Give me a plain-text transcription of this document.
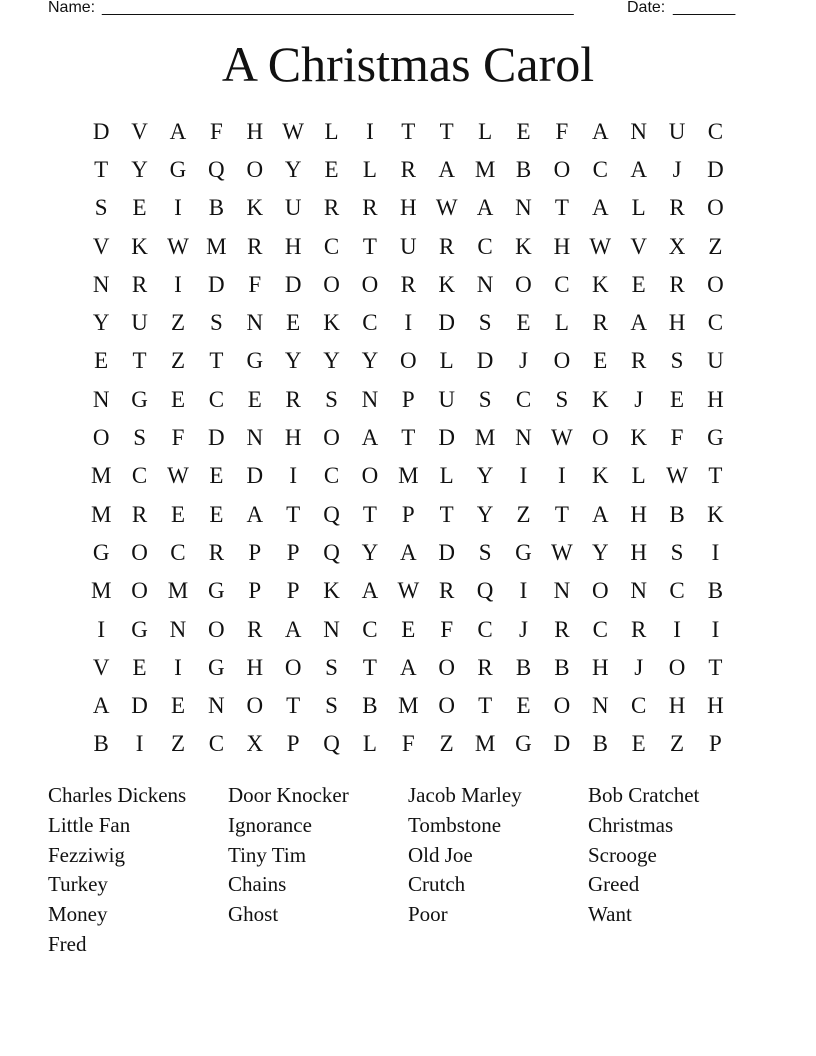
Name: _____________________________________________________	Date: _______
A Christmas Carol
D V A	F	H W L	I	T	T	L	E	F	A N U C
T	Y G Q O Y	E	L	R A M B O C A	J	D
S	E	I	B K U R	R H W A N	T	A	L	R O
V K W M R H C	T	U R	C K H W V X	Z
N R	I	D	F	D O O R K N O C K	E	R O
Y U	Z	S	N	E	K C	I	D	S	E	L	R A H C
E	T	Z	T	G Y Y Y O	L	D	J	O	E	R	S	U
N G	E	C	E	R	S	N	P	U	S	C	S	K	J	E	H
O	S	F	D N H O A	T	D M N W O K	F	G
M C W E	D	I	C O M L	Y	I	I	K	L W T
M R	E	E	A	T	Q	T	P	T	Y	Z	T	A H B K
G O C	R	P	P	Q Y A D	S	G W Y H	S	I
M O M G	P	P	K A W R Q	I	N O N C	B
I	G N O R A N C	E	F	C	J	R	C	R	I	I
V	E	I	G H O	S	T	A O R	B	B H	J	O	T
A D	E	N O	T	S	B M O	T	E	O N C H H
B	I	Z	C X	P	Q	L	F	Z M G D B	E	Z	P
Charles Dickens	Door Knocker	Jacob Marley	Bob Cratchet
Little Fan	Ignorance	Tombstone	Christmas
Fezziwig	Tiny Tim	Old Joe	Scrooge
Turkey	Chains	Crutch	Greed
Money	Ghost	Poor	Want
Fred
